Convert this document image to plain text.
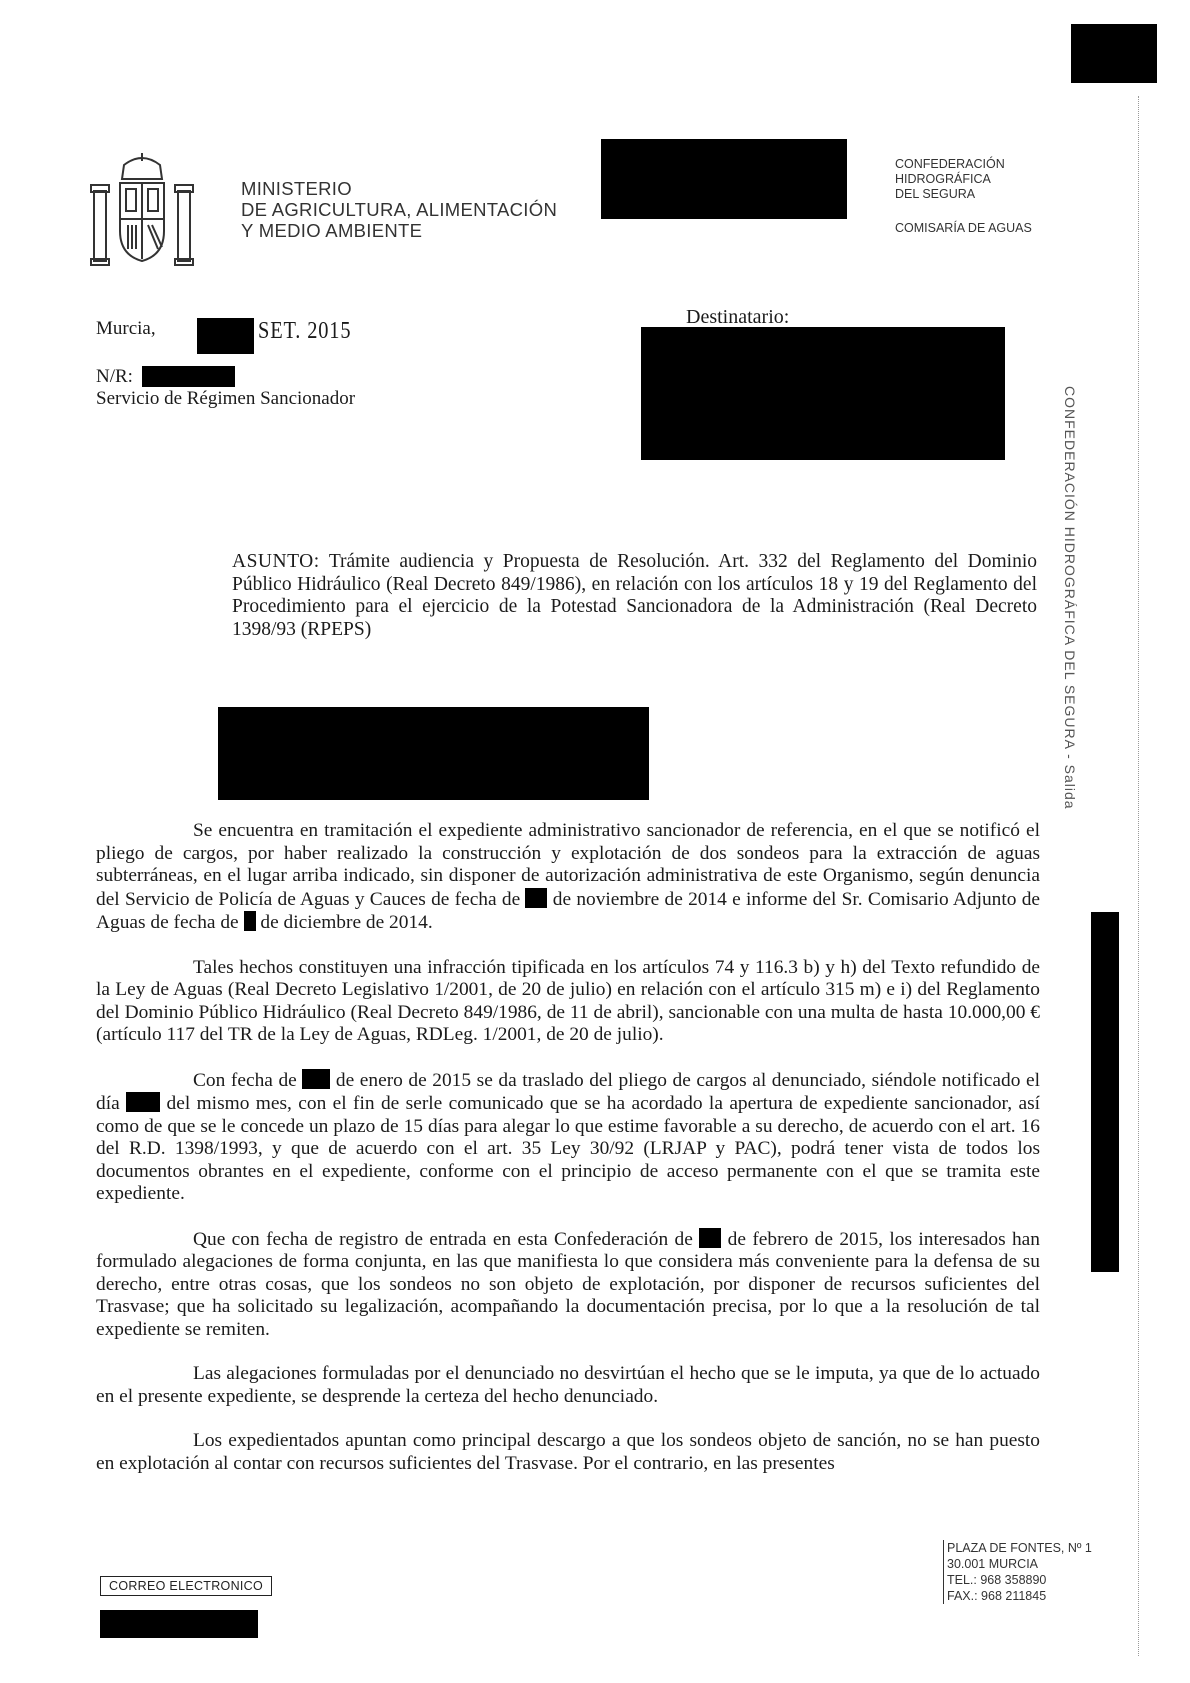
MINISTERIO
DE AGRICULTURA, ALIMENTACIÓN
Y MEDIO AMBIENTE
CONFEDERACIÓN
HIDROGRÁFICA
DEL SEGURA
COMISARÍA DE AGUAS
Murcia,	SET. 2015
N/R:
Servicio de Régimen Sancionador
Destinatario:
ASUNTO: Trámite audiencia y Propuesta de Resolución. Art. 332 del Reglamento del Dominio Público Hidráulico (Real Decreto 849/1986), en relación con los artículos 18 y 19 del Reglamento del Procedimiento para el ejercicio de la Potestad Sancionadora de la Administración (Real Decreto 1398/93 (RPEPS)

Se encuentra en tramitación el expediente administrativo sancionador de referencia, en el que se notificó el pliego de cargos, por haber realizado la construcción y explotación de dos sondeos para la extracción de aguas subterráneas, en el lugar arriba indicado, sin disponer de autorización administrativa de este Organismo, según denuncia del Servicio de Policía de Aguas y Cauces de fecha de de noviembre de 2014 e informe del Sr. Comisario Adjunto de Aguas de fecha de de diciembre de 2014.

Tales hechos constituyen una infracción tipificada en los artículos 74 y 116.3 b) y h) del Texto refundido de la Ley de Aguas (Real Decreto Legislativo 1/2001, de 20 de julio) en relación con el artículo 315 m) e i) del Reglamento del Dominio Público Hidráulico (Real Decreto 849/1986, de 11 de abril), sancionable con una multa de hasta 10.000,00 € (artículo 117 del TR de la Ley de Aguas, RDLeg. 1/2001, de 20 de julio).

Con fecha de de enero de 2015 se da traslado del pliego de cargos al denunciado, siéndole notificado el día del mismo mes, con el fin de serle comunicado que se ha acordado la apertura de expediente sancionador, así como de que se le concede un plazo de 15 días para alegar lo que estime favorable a su derecho, de acuerdo con el art. 16 del R.D. 1398/1993, y que de acuerdo con el art. 35 Ley 30/92 (LRJAP y PAC), podrá tener vista de todos los documentos obrantes en el expediente, conforme con el principio de acceso permanente con el que se tramita este expediente.

Que con fecha de registro de entrada en esta Confederación de de febrero de 2015, los interesados han formulado alegaciones de forma conjunta, en las que manifiesta lo que considera más conveniente para la defensa de su derecho, entre otras cosas, que los sondeos no son objeto de explotación, por disponer de recursos suficientes del Trasvase; que ha solicitado su legalización, acompañando la documentación precisa, por lo que a la resolución de tal expediente se remiten.

Las alegaciones formuladas por el denunciado no desvirtúan el hecho que se le imputa, ya que de lo actuado en el presente expediente, se desprende la certeza del hecho denunciado.

Los expedientados apuntan como principal descargo a que los sondeos objeto de sanción, no se han puesto en explotación al contar con recursos suficientes del Trasvase. Por el contrario, en las presentes

CONFEDERACIÓN HIDROGRÁFICA DEL SEGURA - Salida
PLAZA DE FONTES, Nº 1
30.001 MURCIA
TEL.: 968 358890
FAX.: 968 211845
CORREO ELECTRONICO
